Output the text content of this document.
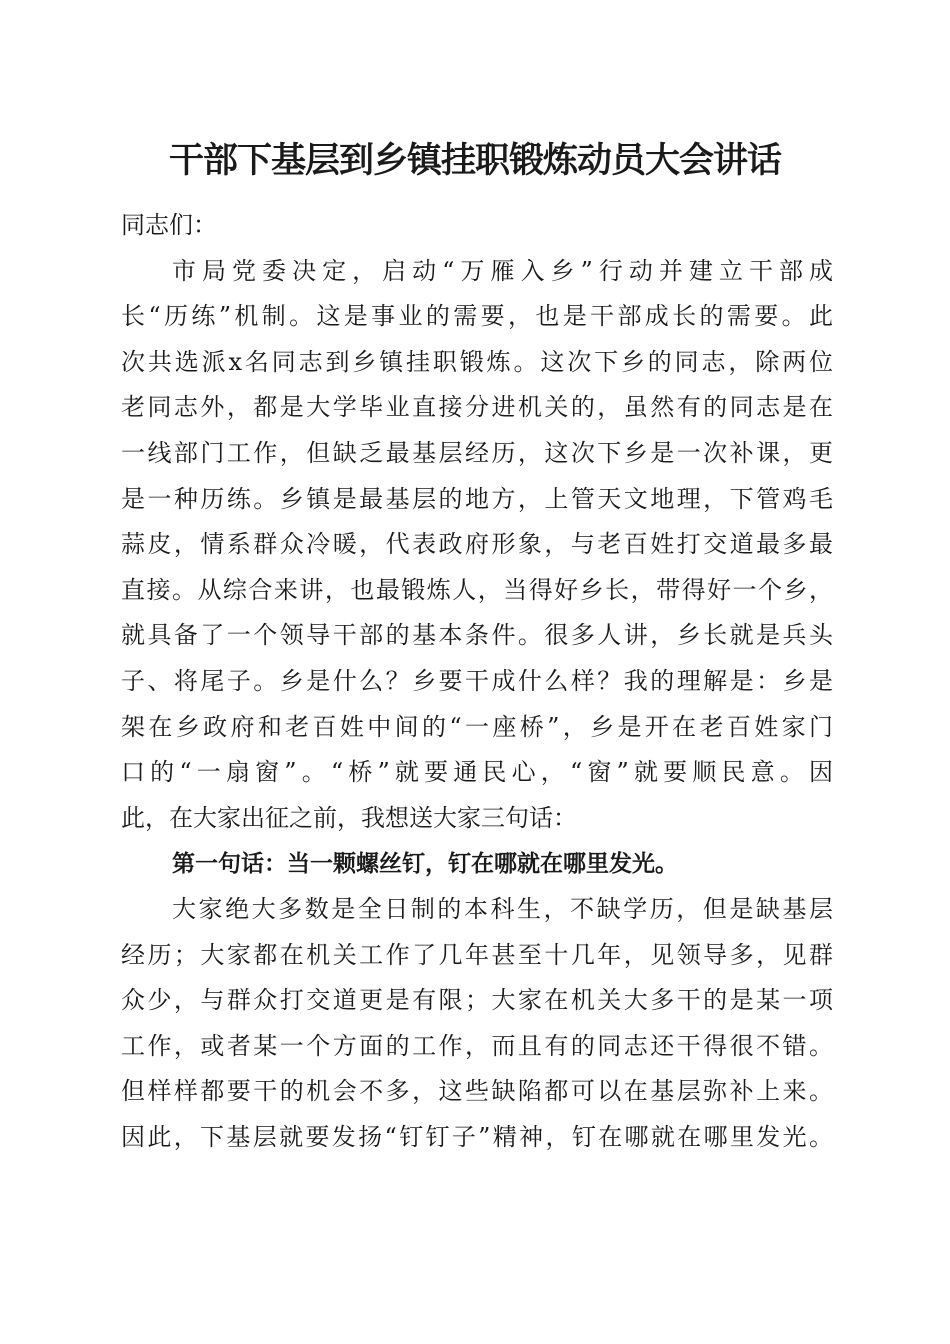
干部下基层到乡镇挂职锻炼动员大会讲话
同志们：
市局党委决定，启动“万雁入乡”行动并建立干部成
长“历练”机制。这是事业的需要，也是干部成长的需要。此
次共选派x名同志到乡镇挂职锻炼。这次下乡的同志，除两位
老同志外，都是大学毕业直接分进机关的，虽然有的同志是在
一线部门工作，但缺乏最基层经历，这次下乡是一次补课，更
是一种历练。乡镇是最基层的地方，上管天文地理，下管鸡毛
蒜皮，情系群众冷暖，代表政府形象，与老百姓打交道最多最
直接。从综合来讲，也最锻炼人，当得好乡长，带得好一个乡，
就具备了一个领导干部的基本条件。很多人讲，乡长就是兵头
子、将尾子。乡是什么？乡要干成什么样？我的理解是：乡是
架在乡政府和老百姓中间的“一座桥”，乡是开在老百姓家门
口的“一扇窗”。“桥”就要通民心，“窗”就要顺民意。因
此，在大家出征之前，我想送大家三句话：
第一句话：当一颗螺丝钉，钉在哪就在哪里发光。
大家绝大多数是全日制的本科生，不缺学历，但是缺基层
经历；大家都在机关工作了几年甚至十几年，见领导多，见群
众少，与群众打交道更是有限；大家在机关大多干的是某一项
工作，或者某一个方面的工作，而且有的同志还干得很不错。
但样样都要干的机会不多，这些缺陷都可以在基层弥补上来。
因此，下基层就要发扬“钉钉子”精神，钉在哪就在哪里发光。
